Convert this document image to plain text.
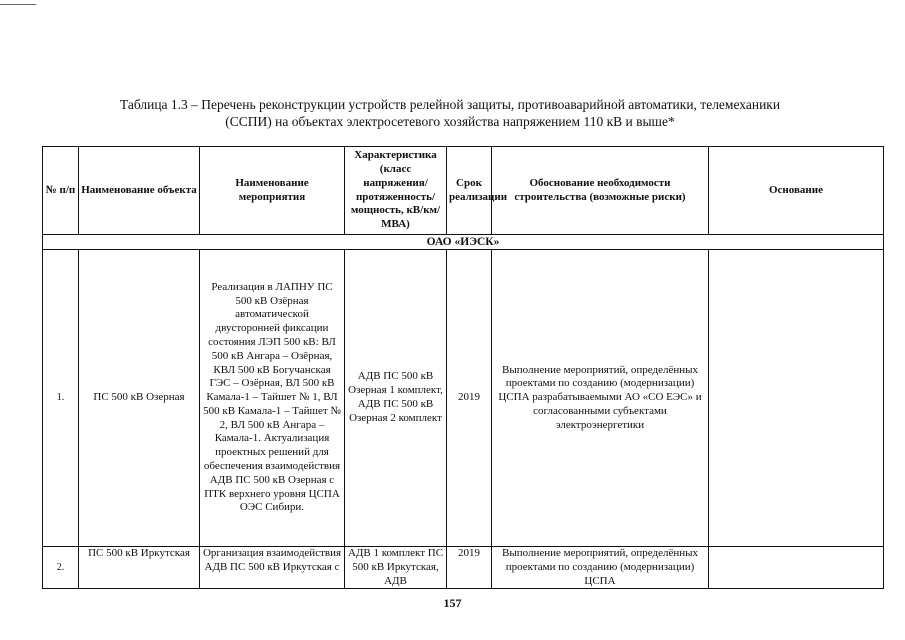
Таблица 1.3 – Перечень реконструкции устройств релейной защиты, противоаварийной автоматики, телемеханики
(ССПИ) на объектах электросетевого хозяйства напряжением 110 кВ и выше*
№ п/п	Наименование объекта	Наименование мероприятия	Характеристика (класс напряжения/ протяженность/ мощность, кВ/км/МВА)	Срок реализации	Обоснование необходимости строительства (возможные риски)	Основание
ОАО «ИЭСК»						
1.	ПС 500 кВ Озерная	Реализация в ЛАПНУ ПС 500 кВ Озёрная автоматической двусторонней фиксации состояния ЛЭП 500 кВ: ВЛ 500 кВ Ангара – Озёрная, КВЛ 500 кВ Богучанская ГЭС – Озёрная, ВЛ 500 кВ Камала-1 – Тайшет № 1, ВЛ 500 кВ Камала-1 – Тайшет № 2, ВЛ 500 кВ Ангара – Камала-1. Актуализация проектных решений для обеспечения взаимодействия АДВ ПС 500 кВ Озерная с ПТК верхнего уровня ЦСПА ОЭС Сибири.	АДВ ПС 500 кВ Озерная 1 комплект, АДВ ПС 500 кВ Озерная 2 комплект	2019	Выполнение мероприятий, определённых проектами по созданию (модернизации) ЦСПА разрабатываемыми АО «СО ЕЭС» и согласованными субъектами электроэнергетики	
2.	ПС 500 кВ Иркутская	Организация взаимодействия АДВ ПС 500 кВ Иркутская с	АДВ 1 комплект ПС 500 кВ Иркутская, АДВ	2019	Выполнение мероприятий, определённых проектами по созданию (модернизации) ЦСПА	
157
